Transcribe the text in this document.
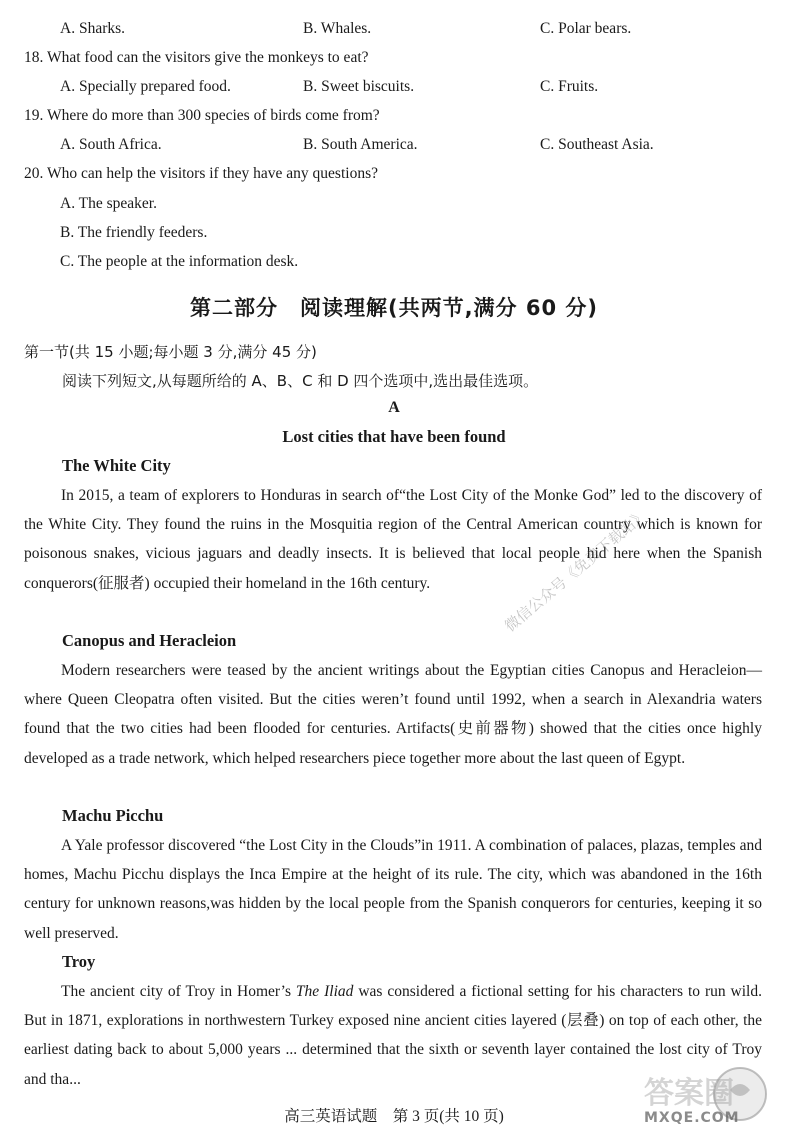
A. Sharks.	B. Whales.	C. Polar bears.
18. What food can the visitors give the monkeys to eat?
A. Specially prepared food.	B. Sweet biscuits.	C. Fruits.
19. Where do more than 300 species of birds come from?
A. South Africa.	B. South America.	C. Southeast Asia.
20. Who can help the visitors if they have any questions?
A. The speaker.
B. The friendly feeders.
C. The people at the information desk.
第二部分　阅读理解(共两节,满分 60 分)
第一节(共 15 小题;每小题 3 分,满分 45 分)
阅读下列短文,从每题所给的 A、B、C 和 D 四个选项中,选出最佳选项。
A
Lost cities that have been found
The White City
In 2015, a team of explorers to Honduras in search of“the Lost City of the Monke God” led to the discovery of the White City. They found the ruins in the Mosquitia region of the Central American country which is known for poisonous snakes, vicious jaguars and deadly insects. It is believed that local people hid here when the Spanish conquerors(征服者) occupied their homeland in the 16th century.
Canopus and Heracleion
Modern researchers were teased by the ancient writings about the Egyptian cities Canopus and Heracleion—where Queen Cleopatra often visited. But the cities weren’t found until 1992, when a search in Alexandria waters found that the two cities had been flooded for centuries. Artifacts(史前器物) showed that the cities once highly developed as a trade network, which helped researchers piece together more about the last queen of Egypt.
Machu Picchu
A Yale professor discovered “the Lost City in the Clouds”in 1911. A combination of palaces, plazas, temples and homes, Machu Picchu displays the Inca Empire at the height of its rule. The city, which was abandoned in the 16th century for unknown reasons,was hidden by the local people from the Spanish conquerors for centuries, keeping it so well preserved.
Troy
The ancient city of Troy in Homer’s The Iliad was considered a fictional setting for his characters to run wild. But in 1871, explorations in northwestern Turkey exposed nine ancient cities layered (层叠) on top of each other, the earliest dating back to about 5,000 years ... determined that the sixth or seventh layer contained the lost city of Troy and tha...
微信公众号《免费下载站》
高三英语试题　第 3 页(共 10 页)
答案圈
MXQE.COM
